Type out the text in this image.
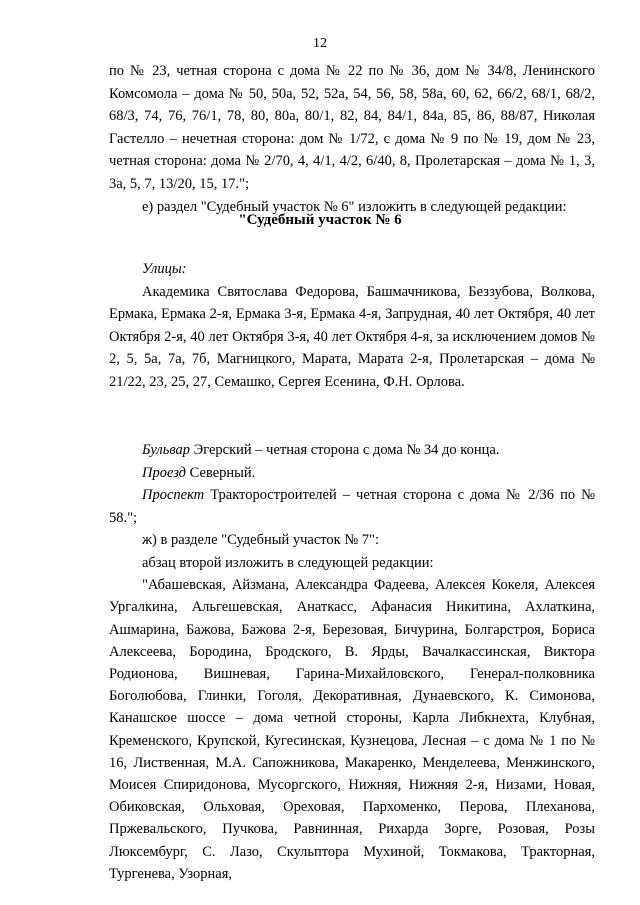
12

по № 23, четная сторона с дома № 22 по № 36, дом № 34/8, Ленинского Комсомола – дома № 50, 50а, 52, 52а, 54, 56, 58, 58а, 60, 62, 66/2, 68/1, 68/2, 68/3, 74, 76, 76/1, 78, 80, 80а, 80/1, 82, 84, 84/1, 84а, 85, 86, 88/87, Николая Гастелло – нечетная сторона: дом № 1/72, с дома № 9 по № 19, дом № 23, четная сторона: дома № 2/70, 4, 4/1, 4/2, 6/40, 8, Пролетарская – дома № 1, 3, 3а, 5, 7, 13/20, 15, 17.";

е) раздел "Судебный участок № 6" изложить в следующей редакции:

"Судебный участок № 6

Улицы:

Академика Святослава Федорова, Башмачникова, Беззубова, Волкова, Ермака, Ермака 2-я, Ермака 3-я, Ермака 4-я, Запрудная, 40 лет Октября, 40 лет Октября 2-я, 40 лет Октября 3-я, 40 лет Октября 4-я, за исключением домов № 2, 5, 5а, 7а, 7б, Магницкого, Марата, Марата 2-я, Пролетарская – дома № 21/22, 23, 25, 27, Семашко, Сергея Есенина, Ф.Н. Орлова.

Бульвар Эгерский – четная сторона с дома № 34 до конца.

Проезд Северный.

Проспект Тракторостроителей – четная сторона с дома № 2/36 по № 58.";

ж) в разделе "Судебный участок № 7":

абзац второй изложить в следующей редакции:

"Абашевская, Айзмана, Александра Фадеева, Алексея Кокеля, Алексея Ургалкина, Альгешевская, Анаткасс, Афанасия Никитина, Ахлаткина, Ашмарина, Бажова, Бажова 2-я, Березовая, Бичурина, Болгарстроя, Бориса Алексеева, Бородина, Бродского, В. Ярды, Вачалкассинская, Виктора Родионова, Вишневая, Гарина-Михайловского, Генерал-полковника Боголюбова, Глинки, Гоголя, Декоративная, Дунаевского, К. Симонова, Канашское шоссе – дома четной стороны, Карла Либкнехта, Клубная, Кременского, Крупской, Кугесинская, Кузнецова, Лесная – с дома № 1 по № 16, Лиственная, М.А. Сапожникова, Макаренко, Менделеева, Менжинского, Моисея Спиридонова, Мусоргского, Нижняя, Нижняя 2-я, Низами, Новая, Обиковская, Ольховая, Ореховая, Пархоменко, Перова, Плеханова, Пржевальского, Пучкова, Равнинная, Рихарда Зорге, Розовая, Розы Люксембург, С. Лазо, Скульптора Мухиной, Токмакова, Тракторная, Тургенева, Узорная,
